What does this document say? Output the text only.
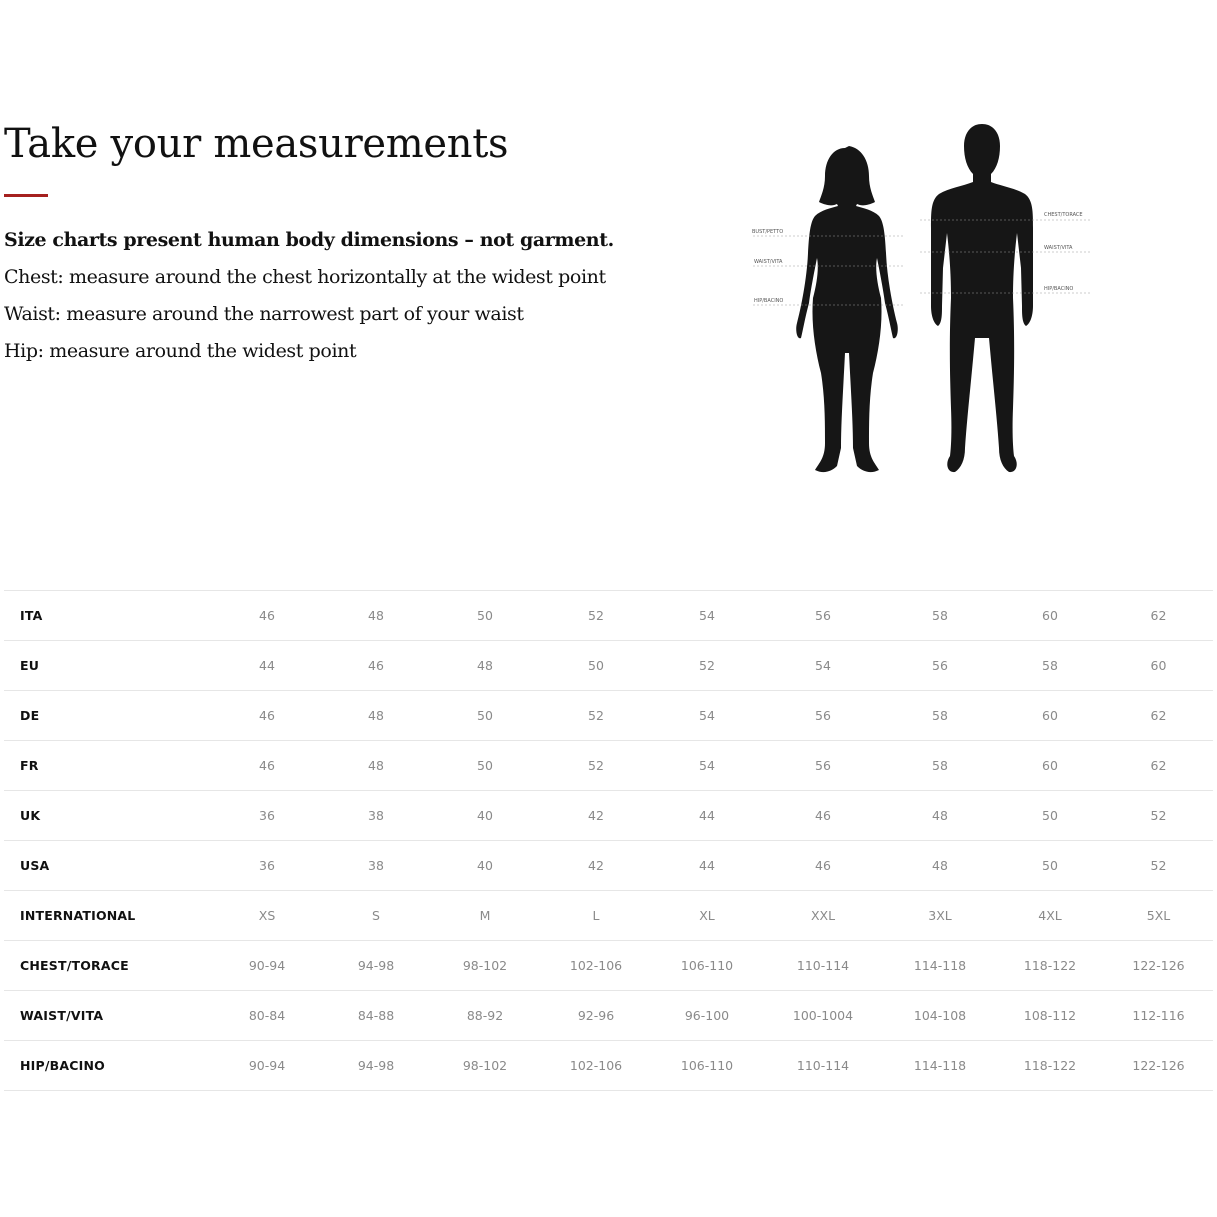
Take your measurements

Size charts present human body dimensions – not garment.

Chest: measure around the chest horizontally at the widest point

Waist: measure around the narrowest part of your waist

Hip: measure around the widest point

BUST/PETTO
WAIST/VITA
HIP/BACINO
CHEST/TORACE
WAIST/VITA
HIP/BACINO
ITA	46	48	50	52	54	56	58	60	62
EU	44	46	48	50	52	54	56	58	60
DE	46	48	50	52	54	56	58	60	62
FR	46	48	50	52	54	56	58	60	62
UK	36	38	40	42	44	46	48	50	52
USA	36	38	40	42	44	46	48	50	52
INTERNATIONAL	XS	S	M	L	XL	XXL	3XL	4XL	5XL
CHEST/TORACE	90-94	94-98	98-102	102-106	106-110	110-114	114-118	118-122	122-126
WAIST/VITA	80-84	84-88	88-92	92-96	96-100	100-1004	104-108	108-112	112-116
HIP/BACINO	90-94	94-98	98-102	102-106	106-110	110-114	114-118	118-122	122-126
